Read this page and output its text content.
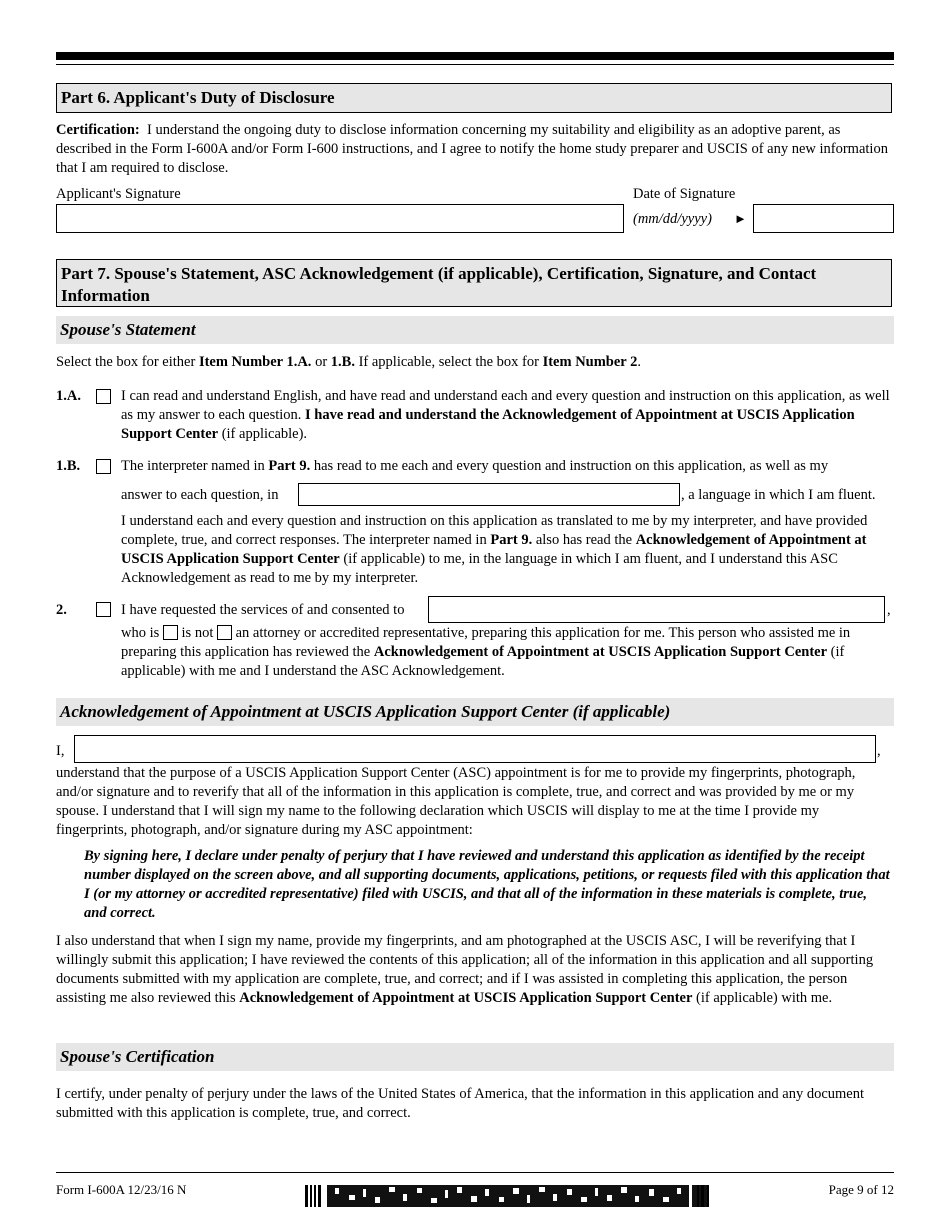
Part 6. Applicant's Duty of Disclosure

Certification: I understand the ongoing duty to disclose information concerning my suitability and eligibility as an adoptive parent, as described in the Form I-600A and/or Form I-600 instructions, and I agree to notify the home study preparer and USCIS of any new information that I am required to disclose.

Applicant's Signature	Date of Signature
(mm/dd/yyyy) ►
Part 7. Spouse's Statement, ASC Acknowledgement (if applicable), Certification, Signature, and Contact Information
Spouse's Statement

Select the box for either Item Number 1.A. or 1.B. If applicable, select the box for Item Number 2.

1.A.	I can read and understand English, and have read and understand each and every question and instruction on this application, as well as my answer to each question. I have read and understand the Acknowledgement of Appointment at USCIS Application Support Center (if applicable).

1.B.	The interpreter named in Part 9. has read to me each and every question and instruction on this application, as well as my

answer to each question, in	, a language in which I am fluent.

I understand each and every question and instruction on this application as translated to me by my interpreter, and have provided complete, true, and correct responses. The interpreter named in Part 9. also has read the Acknowledgement of Appointment at USCIS Application Support Center (if applicable) to me, in the language in which I am fluent, and I understand this ASC Acknowledgement as read to me by my interpreter.

2.	I have requested the services of and consented to	,

who is is not an attorney or accredited representative, preparing this application for me. This person who assisted me in preparing this application has reviewed the Acknowledgement of Appointment at USCIS Application Support Center (if applicable) with me and I understand the ASC Acknowledgement.

Acknowledgement of Appointment at USCIS Application Support Center (if applicable)
I,	,

understand that the purpose of a USCIS Application Support Center (ASC) appointment is for me to provide my fingerprints, photograph, and/or signature and to reverify that all of the information in this application is complete, true, and correct and was provided by me or my spouse. I understand that I will sign my name to the following declaration which USCIS will display to me at the time I provide my fingerprints, photograph, and/or signature during my ASC appointment:

By signing here, I declare under penalty of perjury that I have reviewed and understand this application as identified by the receipt number displayed on the screen above, and all supporting documents, applications, petitions, or requests filed with this application that I (or my attorney or accredited representative) filed with USCIS, and that all of the information in these materials is complete, true, and correct.

I also understand that when I sign my name, provide my fingerprints, and am photographed at the USCIS ASC, I will be reverifying that I willingly submit this application; I have reviewed the contents of this application; all of the information in this application and all supporting documents submitted with my application are complete, true, and correct; and if I was assisted in completing this application, the person assisting me also reviewed this Acknowledgement of Appointment at USCIS Application Support Center (if applicable) with me.

Spouse's Certification

I certify, under penalty of perjury under the laws of the United States of America, that the information in this application and any document submitted with this application is complete, true, and correct.

Form I-600A 12/23/16 N	Page 9 of 12
